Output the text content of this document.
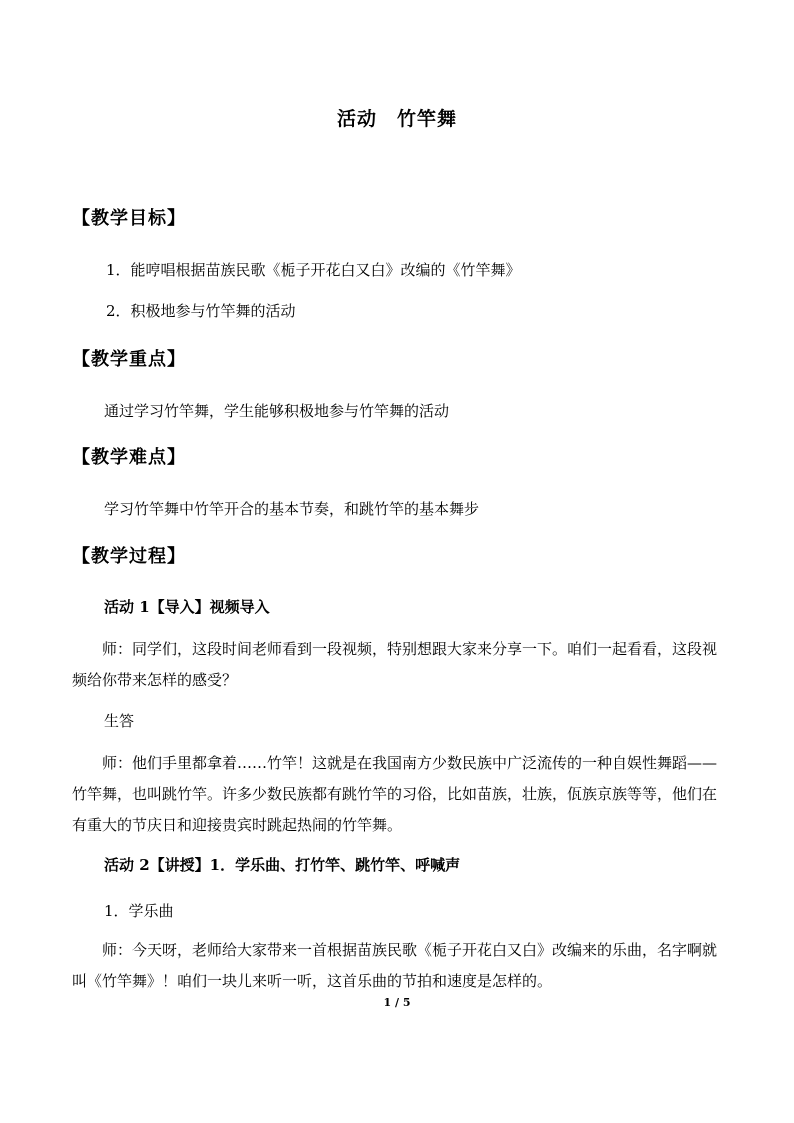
活动　竹竿舞
【教学目标】
1．能哼唱根据苗族民歌《栀子开花白又白》改编的《竹竿舞》
2．积极地参与竹竿舞的活动
【教学重点】
通过学习竹竿舞，学生能够积极地参与竹竿舞的活动
【教学难点】
学习竹竿舞中竹竿开合的基本节奏，和跳竹竿的基本舞步
【教学过程】
活动 1【导入】视频导入
师：同学们，这段时间老师看到一段视频，特别想跟大家来分享一下。咱们一起看看，这段视频给你带来怎样的感受？
生答
师：他们手里都拿着……竹竿！这就是在我国南方少数民族中广泛流传的一种自娱性舞蹈——竹竿舞，也叫跳竹竿。许多少数民族都有跳竹竿的习俗，比如苗族，壮族，佤族京族等等，他们在有重大的节庆日和迎接贵宾时跳起热闹的竹竿舞。
活动 2【讲授】1．学乐曲、打竹竿、跳竹竿、呼喊声
1．学乐曲
师：今天呀，老师给大家带来一首根据苗族民歌《栀子开花白又白》改编来的乐曲，名字啊就叫《竹竿舞》！咱们一块儿来听一听，这首乐曲的节拍和速度是怎样的。
1 / 5
